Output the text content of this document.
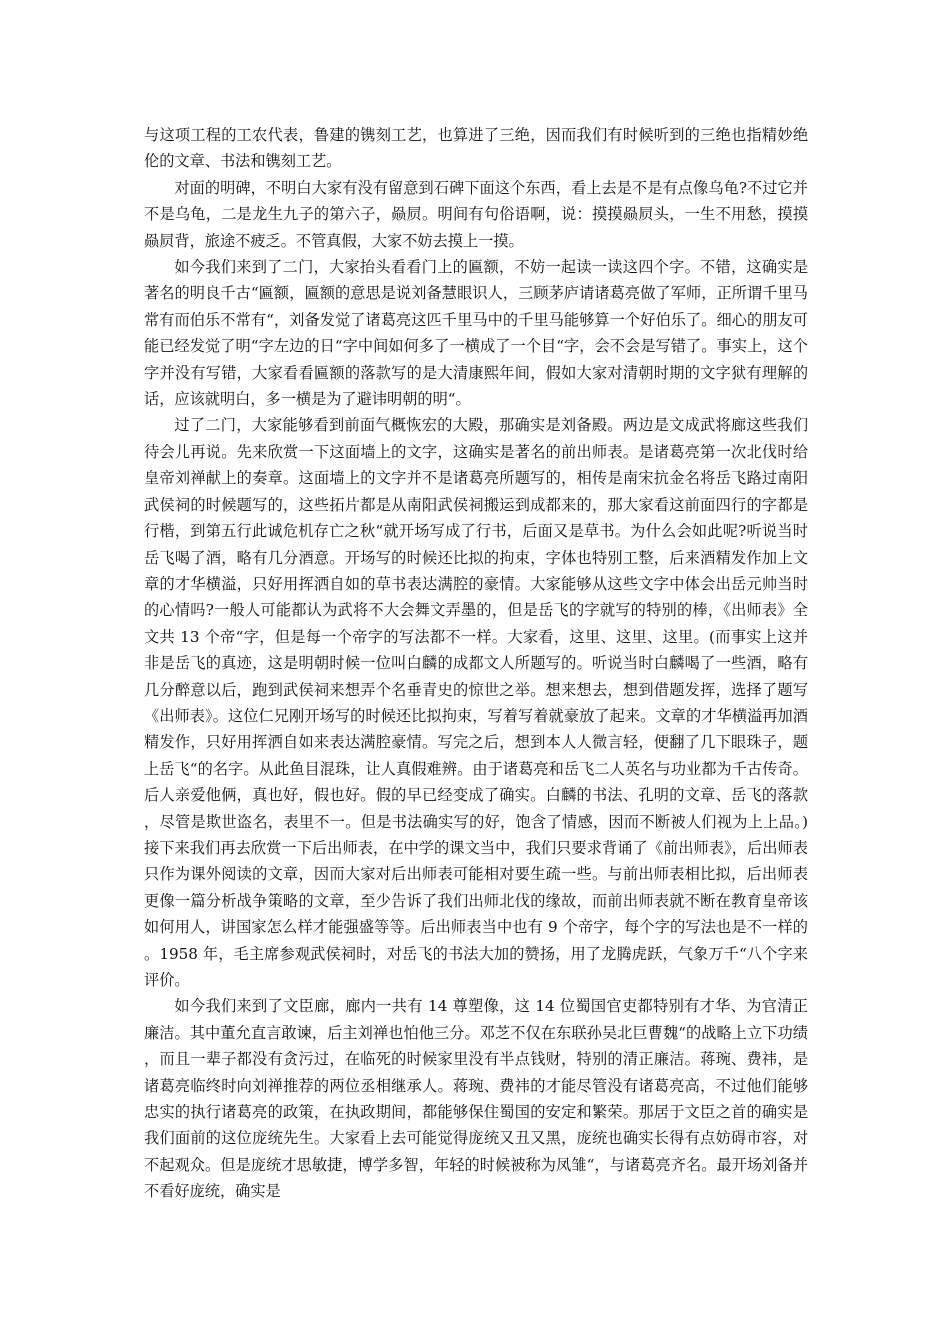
与这项工程的工农代表，鲁建的镌刻工艺，也算进了三绝，因而我们有时候听到的三绝也指精妙绝伦的文章、书法和镌刻工艺。

对面的明碑，不明白大家有没有留意到石碑下面这个东西，看上去是不是有点像乌龟?不过它并不是乌龟，二是龙生九子的第六子，赑屃。明间有句俗语啊，说：摸摸赑屃头，一生不用愁，摸摸赑屃背，旅途不疲乏。不管真假，大家不妨去摸上一摸。

如今我们来到了二门，大家抬头看看门上的匾额，不妨一起读一读这四个字。不错，这确实是著名的明良千古“匾额，匾额的意思是说刘备慧眼识人，三顾茅庐请诸葛亮做了军师，正所谓千里马常有而伯乐不常有“，刘备发觉了诸葛亮这匹千里马中的千里马能够算一个好伯乐了。细心的朋友可能已经发觉了明“字左边的日“字中间如何多了一横成了一个目“字，会不会是写错了。事实上，这个字并没有写错，大家看看匾额的落款写的是大清康熙年间，假如大家对清朝时期的文字狱有理解的话，应该就明白，多一横是为了避讳明朝的明“。

过了二门，大家能够看到前面气概恢宏的大殿，那确实是刘备殿。两边是文成武将廊这些我们待会儿再说。先来欣赏一下这面墙上的文字，这确实是著名的前出师表。是诸葛亮第一次北伐时给皇帝刘禅献上的奏章。这面墙上的文字并不是诸葛亮所题写的，相传是南宋抗金名将岳飞路过南阳武侯祠的时候题写的，这些拓片都是从南阳武侯祠搬运到成都来的，那大家看这前面四行的字都是行楷，到第五行此诚危机存亡之秋“就开场写成了行书，后面又是草书。为什么会如此呢?听说当时岳飞喝了酒，略有几分酒意。开场写的时候还比拟的拘束，字体也特别工整，后来酒精发作加上文章的才华横溢，只好用挥洒自如的草书表达满腔的豪情。大家能够从这些文字中体会出岳元帅当时的心情吗?一般人可能都认为武将不大会舞文弄墨的，但是岳飞的字就写的特别的棒，《出师表》全文共 13 个帝“字，但是每一个帝字的写法都不一样。大家看，这里、这里、这里。(而事实上这并非是岳飞的真迹，这是明朝时候一位叫白麟的成都文人所题写的。听说当时白麟喝了一些酒，略有几分醉意以后，跑到武侯祠来想弄个名垂青史的惊世之举。想来想去，想到借题发挥，选择了题写《出师表》。这位仁兄刚开场写的时候还比拟拘束，写着写着就豪放了起来。文章的才华横溢再加酒精发作，只好用挥洒自如来表达满腔豪情。写完之后，想到本人人微言轻，便翻了几下眼珠子，题上岳飞“的名字。从此鱼目混珠，让人真假难辨。由于诸葛亮和岳飞二人英名与功业都为千古传奇。后人亲爱他俩，真也好，假也好。假的早已经变成了确实。白麟的书法、孔明的文章、岳飞的落款，尽管是欺世盗名，表里不一。但是书法确实写的好，饱含了情感，因而不断被人们视为上上品。)接下来我们再去欣赏一下后出师表，在中学的课文当中，我们只要求背诵了《前出师表》，后出师表只作为课外阅读的文章，因而大家对后出师表可能相对要生疏一些。与前出师表相比拟，后出师表更像一篇分析战争策略的文章，至少告诉了我们出师北伐的缘故，而前出师表就不断在教育皇帝该如何用人，讲国家怎么样才能强盛等等。后出师表当中也有 9 个帝字，每个字的写法也是不一样的。1958 年，毛主席参观武侯祠时，对岳飞的书法大加的赞扬，用了龙腾虎跃，气象万千“八个字来评价。

如今我们来到了文臣廊，廊内一共有 14 尊塑像，这 14 位蜀国官吏都特别有才华、为官清正廉洁。其中董允直言敢谏，后主刘禅也怕他三分。邓芝不仅在东联孙吴北巨曹魏“的战略上立下功绩，而且一辈子都没有贪污过，在临死的时候家里没有半点钱财，特别的清正廉洁。蒋琬、费祎，是诸葛亮临终时向刘禅推荐的两位丞相继承人。蒋琬、费祎的才能尽管没有诸葛亮高，不过他们能够忠实的执行诸葛亮的政策，在执政期间，都能够保住蜀国的安定和繁荣。那居于文臣之首的确实是我们面前的这位庞统先生。大家看上去可能觉得庞统又丑又黑，庞统也确实长得有点妨碍市容，对不起观众。但是庞统才思敏捷，博学多智，年轻的时候被称为凤雏“，与诸葛亮齐名。最开场刘备并不看好庞统，确实是
